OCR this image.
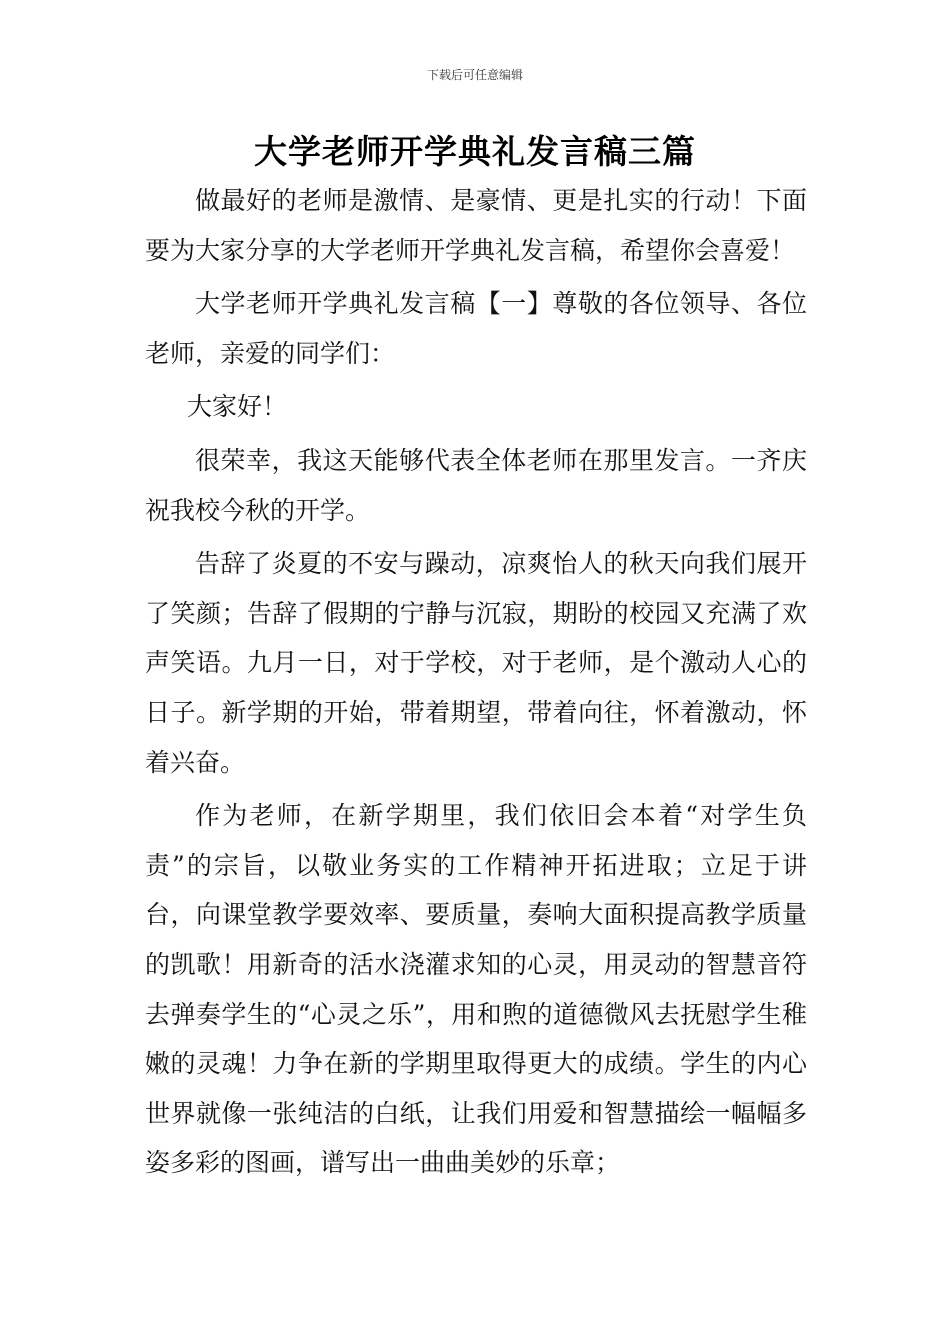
下载后可任意编辑
大学老师开学典礼发言稿三篇

做最好的老师是激情、是豪情、更是扎实的行动！下面要为大家分享的大学老师开学典礼发言稿，希望你会喜爱！

大学老师开学典礼发言稿【一】尊敬的各位领导、各位老师，亲爱的同学们：

大家好！

很荣幸，我这天能够代表全体老师在那里发言。一齐庆祝我校今秋的开学。

告辞了炎夏的不安与躁动，凉爽怡人的秋天向我们展开了笑颜；告辞了假期的宁静与沉寂，期盼的校园又充满了欢声笑语。九月一日，对于学校，对于老师，是个激动人心的日子。新学期的开始，带着期望，带着向往，怀着激动，怀着兴奋。

作为老师，在新学期里，我们依旧会本着“对学生负责”的宗旨，以敬业务实的工作精神开拓进取；立足于讲台，向课堂教学要效率、要质量，奏响大面积提高教学质量的凯歌！用新奇的活水浇灌求知的心灵，用灵动的智慧音符去弹奏学生的“心灵之乐”，用和煦的道德微风去抚慰学生稚嫩的灵魂！力争在新的学期里取得更大的成绩。学生的内心世界就像一张纯洁的白纸，让我们用爱和智慧描绘一幅幅多姿多彩的图画，谱写出一曲曲美妙的乐章；
